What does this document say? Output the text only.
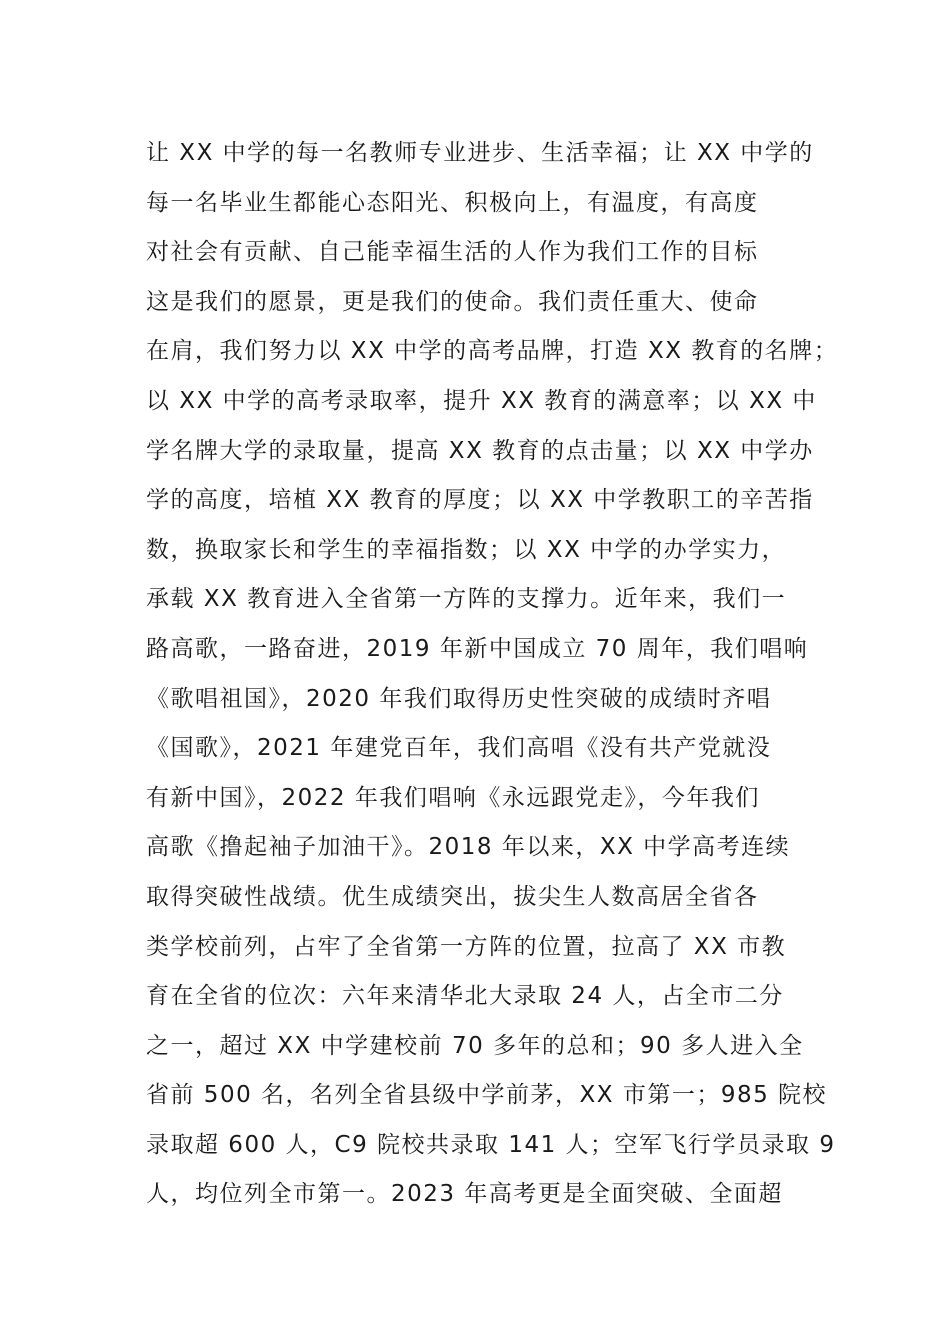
让 XX 中学的每一名教师专业进步、生活幸福；让 XX 中学的
每一名毕业生都能心态阳光、积极向上，有温度，有高度
对社会有贡献、自己能幸福生活的人作为我们工作的目标
这是我们的愿景，更是我们的使命。我们责任重大、使命
在肩，我们努力以 XX 中学的高考品牌，打造 XX 教育的名牌；
以 XX 中学的高考录取率，提升 XX 教育的满意率；以 XX 中
学名牌大学的录取量，提高 XX 教育的点击量；以 XX 中学办
学的高度，培植 XX 教育的厚度；以 XX 中学教职工的辛苦指
数，换取家长和学生的幸福指数；以 XX 中学的办学实力，
承载 XX 教育进入全省第一方阵的支撑力。近年来，我们一
路高歌，一路奋进，2019 年新中国成立 70 周年，我们唱响
《歌唱祖国》，2020 年我们取得历史性突破的成绩时齐唱
《国歌》，2021 年建党百年，我们高唱《没有共产党就没
有新中国》，2022 年我们唱响《永远跟党走》，今年我们
高歌《撸起袖子加油干》。2018 年以来，XX 中学高考连续
取得突破性战绩。优生成绩突出，拔尖生人数高居全省各
类学校前列，占牢了全省第一方阵的位置，拉高了 XX 市教
育在全省的位次：六年来清华北大录取 24 人，占全市二分
之一，超过 XX 中学建校前 70 多年的总和；90 多人进入全
省前 500 名，名列全省县级中学前茅，XX 市第一；985 院校
录取超 600 人，C9 院校共录取 141 人；空军飞行学员录取 9
人，均位列全市第一。2023 年高考更是全面突破、全面超
